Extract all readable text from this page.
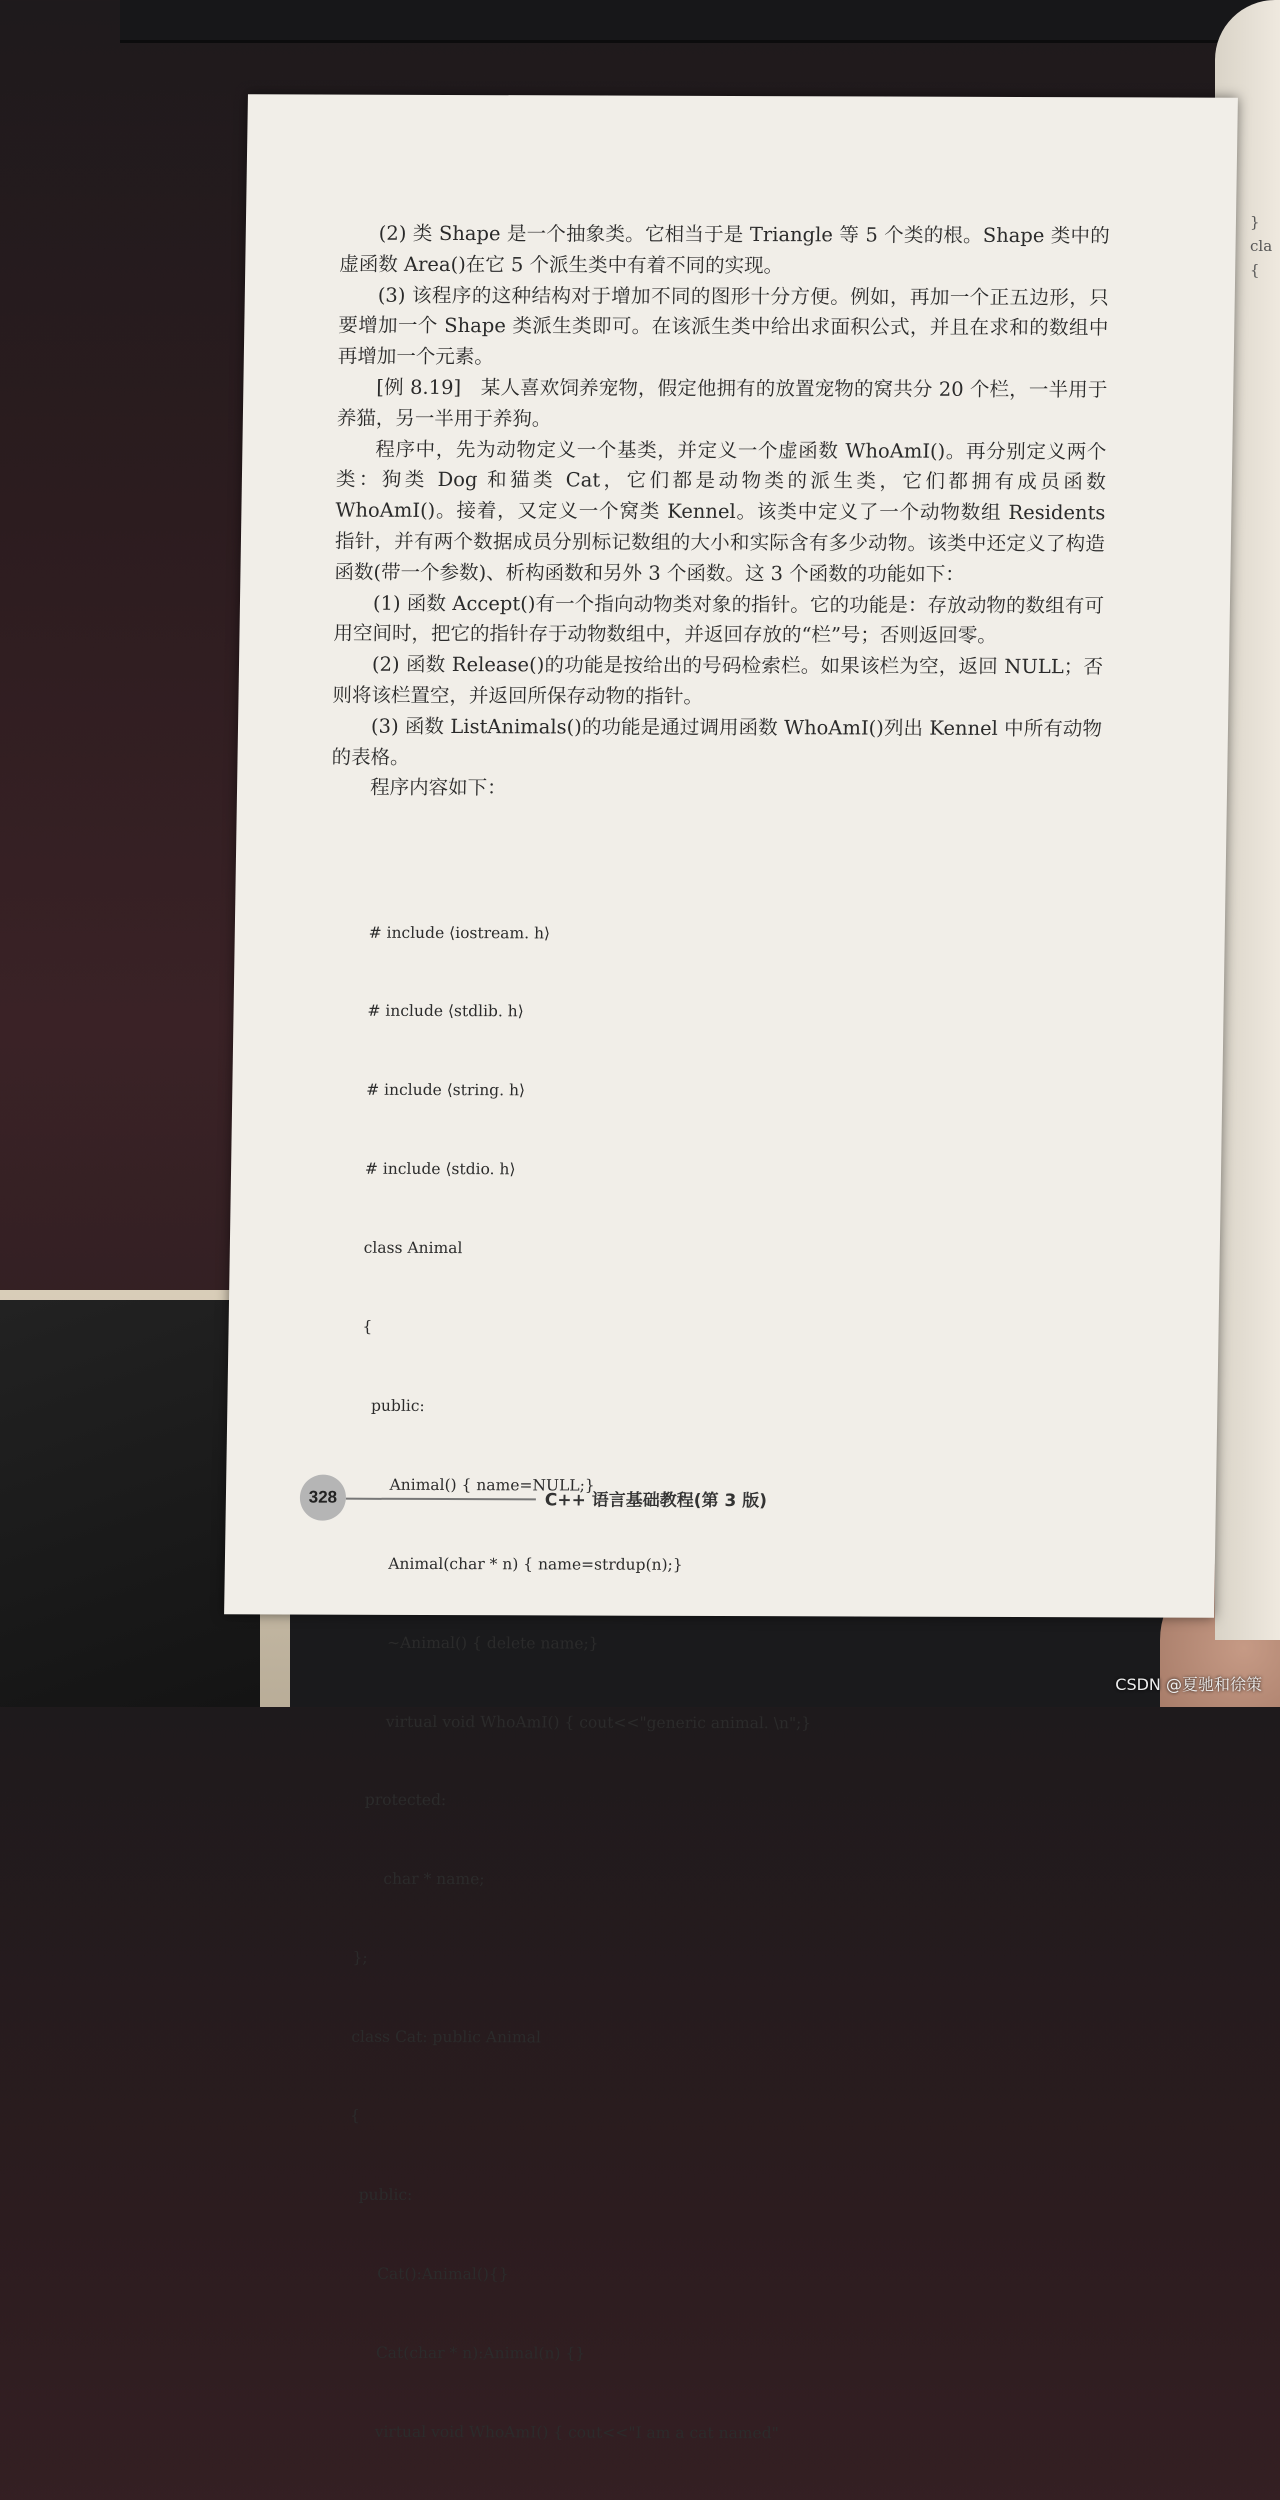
}
cla
{

(2) 类 Shape 是一个抽象类。它相当于是 Triangle 等 5 个类的根。Shape 类中的虚函数 Area()在它 5 个派生类中有着不同的实现。

(3) 该程序的这种结构对于增加不同的图形十分方便。例如，再加一个正五边形，只要增加一个 Shape 类派生类即可。在该派生类中给出求面积公式，并且在求和的数组中再增加一个元素。

[例 8.19]　某人喜欢饲养宠物，假定他拥有的放置宠物的窝共分 20 个栏，一半用于养猫，另一半用于养狗。

程序中，先为动物定义一个基类，并定义一个虚函数 WhoAmI()。再分别定义两个类：狗类 Dog 和猫类 Cat，它们都是动物类的派生类，它们都拥有成员函数 WhoAmI()。接着，又定义一个窝类 Kennel。该类中定义了一个动物数组 Residents 指针，并有两个数据成员分别标记数组的大小和实际含有多少动物。该类中还定义了构造函数(带一个参数)、析构函数和另外 3 个函数。这 3 个函数的功能如下：

(1) 函数 Accept()有一个指向动物类对象的指针。它的功能是：存放动物的数组有可用空间时，把它的指针存于动物数组中，并返回存放的“栏”号；否则返回零。

(2) 函数 Release()的功能是按给出的号码检索栏。如果该栏为空，返回 NULL；否则将该栏置空，并返回所保存动物的指针。

(3) 函数 ListAnimals()的功能是通过调用函数 WhoAmI()列出 Kennel 中所有动物的表格。

程序内容如下：

# include ⟨iostream. h⟩

# include ⟨stdlib. h⟩

# include ⟨string. h⟩

# include ⟨stdio. h⟩

class Animal

{

public:

Animal() { name=NULL;}

Animal(char * n) { name=strdup(n);}

~Animal() { delete name;}

virtual void WhoAmI() { cout<<"generic animal. \n";}

protected:

char * name;

};

class Cat: public Animal

{

public:

Cat():Animal(){}

Cat(char * n):Animal(n) {}

virtual void WhoAmI() { cout<<"I am a cat named"

328	C++ 语言基础教程(第 3 版)
CSDN @夏驰和徐策
